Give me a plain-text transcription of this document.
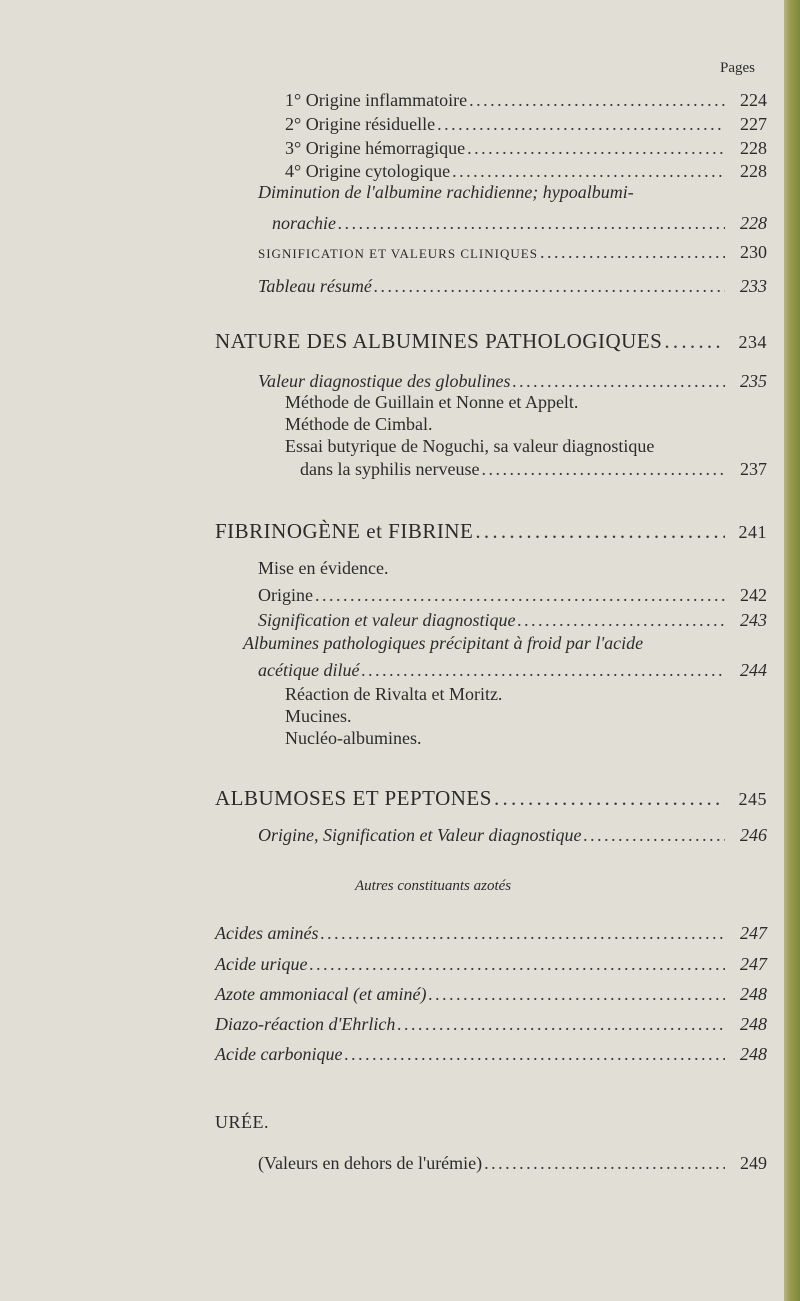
Pages
1° Origine inflammatoire . . .	224
2° Origine résiduelle . . .	227
3° Origine hémorragique . . .	228
4° Origine cytologique . . .	228
Diminution de l'albumine rachidienne; hypoalbumi-
norachie . . .	228
SIGNIFICATION ET VALEURS CLINIQUES . . .	230
Tableau résumé . . .	233
NATURE DES ALBUMINES PATHOLOGIQUES . . .	234
Valeur diagnostique des globulines . . .	235
Méthode de Guillain et Nonne et Appelt.
Méthode de Cimbal.
Essai butyrique de Noguchi, sa valeur diagnostique
dans la syphilis nerveuse . . .	237
FIBRINOGÈNE et FIBRINE . . .	241
Mise en évidence.
Origine . . .	242
Signification et valeur diagnostique . . .	243
Albumines pathologiques précipitant à froid par l'acide
acétique dilué . . .	244
Réaction de Rivalta et Moritz.
Mucines.
Nucléo-albumines.
ALBUMOSES ET PEPTONES . . .	245
Origine, Signification et Valeur diagnostique . . .	246
Autres constituants azotés
Acides aminés . . .	247
Acide urique . . .	247
Azote ammoniacal (et aminé) . . .	248
Diazo-réaction d'Ehrlich . . .	248
Acide carbonique . . .	248
URÉE.
(Valeurs en dehors de l'urémie) . . .	249
